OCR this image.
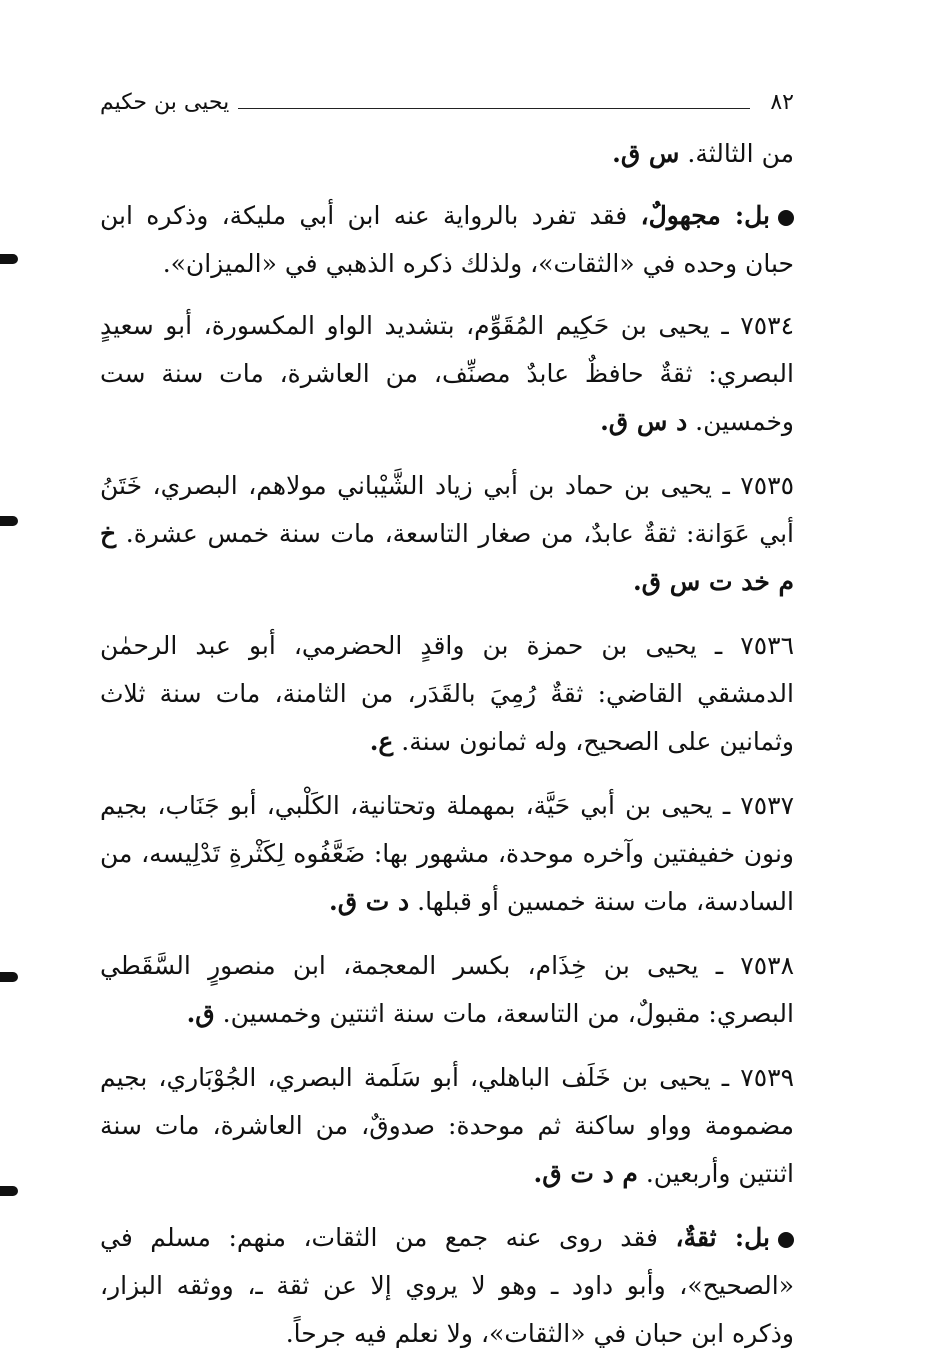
٨٢
يحيى بن حكيم

من الثالثة. س ق.

بل: مجهولٌ، فقد تفرد بالرواية عنه ابن أبي مليكة، وذكره ابن حبان وحده في «الثقات»، ولذلك ذكره الذهبي في «الميزان».

٧٥٣٤ ـ يحيى بن حَكِيم المُقَوِّم، بتشديد الواو المكسورة، أبو سعيدٍ البصري: ثقةٌ حافظٌ عابدٌ مصنِّف، من العاشرة، مات سنة ست وخمسين. د س ق.

٧٥٣٥ ـ يحيى بن حماد بن أبي زياد الشَّيْباني مولاهم، البصري، خَتَنُ أبي عَوَانة: ثقةٌ عابدٌ، من صغار التاسعة، مات سنة خمس عشرة. خ م خد ت س ق.

٧٥٣٦ ـ يحيى بن حمزة بن واقدٍ الحضرمي، أبو عبد الرحمٰن الدمشقي القاضي: ثقةٌ رُمِيَ بالقَدَر، من الثامنة، مات سنة ثلاث وثمانين على الصحيح، وله ثمانون سنة. ع.

٧٥٣٧ ـ يحيى بن أبي حَيَّة، بمهملة وتحتانية، الكَلْبي، أبو جَنَاب، بجيم ونون خفيفتين وآخره موحدة، مشهور بها: ضَعَّفُوه لِكَثْرةِ تَدْلِيسه، من السادسة، مات سنة خمسين أو قبلها. د ت ق.

٧٥٣٨ ـ يحيى بن خِذَام، بكسر المعجمة، ابن منصورٍ السَّقَطي البصري: مقبولٌ، من التاسعة، مات سنة اثنتين وخمسين. ق.

٧٥٣٩ ـ يحيى بن خَلَف الباهلي، أبو سَلَمة البصري، الجُوْبَاري، بجيم مضمومة وواو ساكنة ثم موحدة: صدوقٌ، من العاشرة، مات سنة اثنتين وأربعين. م د ت ق.

بل: ثقةٌ، فقد روى عنه جمع من الثقات، منهم: مسلم في «الصحيح»، وأبو داود ـ وهو لا يروي إلا عن ثقة ـ، ووثقه البزار، وذكره ابن حبان في «الثقات»، ولا نعلم فيه جرحاً.
